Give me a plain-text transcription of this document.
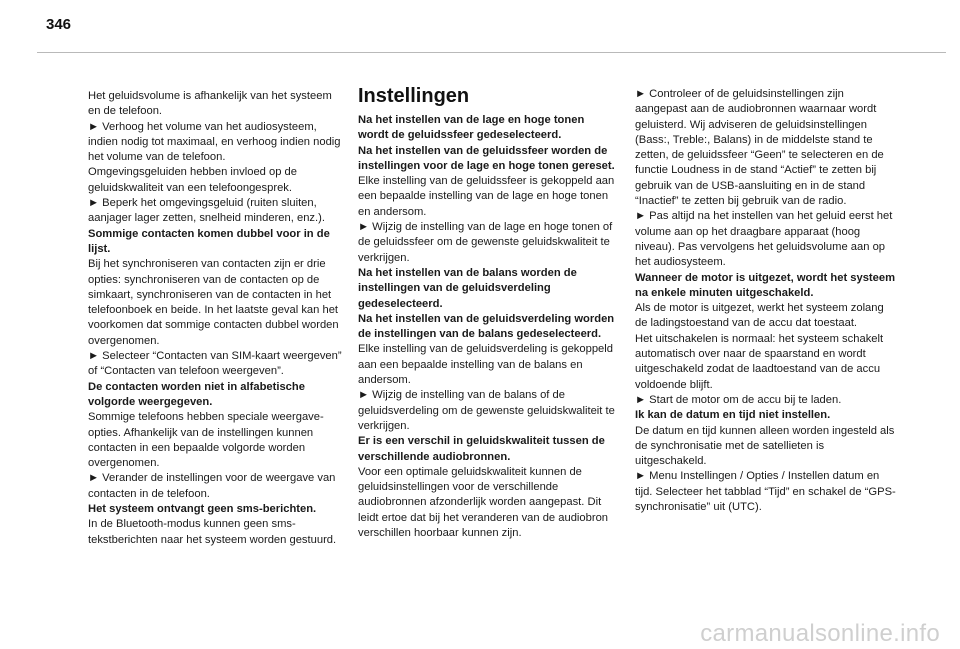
346

Het geluidsvolume is afhankelijk van het systeem en de telefoon.

► Verhoog het volume van het audiosysteem, indien nodig tot maximaal, en verhoog indien nodig het volume van de telefoon.

Omgevingsgeluiden hebben invloed op de geluidskwaliteit van een telefoongesprek.

► Beperk het omgevingsgeluid (ruiten sluiten, aanjager lager zetten, snelheid minderen, enz.).

Sommige contacten komen dubbel voor in de lijst.

Bij het synchroniseren van contacten zijn er drie opties: synchroniseren van de contacten op de simkaart, synchroniseren van de contacten in het telefoonboek en beide. In het laatste geval kan het voorkomen dat sommige contacten dubbel worden overgenomen.

► Selecteer “Contacten van SIM-kaart weergeven” of “Contacten van telefoon weergeven”.

De contacten worden niet in alfabetische volgorde weergegeven.

Sommige telefoons hebben speciale weergave-opties. Afhankelijk van de instellingen kunnen contacten in een bepaalde volgorde worden overgenomen.

► Verander de instellingen voor de weergave van contacten in de telefoon.

Het systeem ontvangt geen sms-berichten.

In de Bluetooth-modus kunnen geen sms-tekstberichten naar het systeem worden gestuurd.

Instellingen

Na het instellen van de lage en hoge tonen wordt de geluidssfeer gedeselecteerd.

Na het instellen van de geluidssfeer worden de instellingen voor de lage en hoge tonen gereset.

Elke instelling van de geluidssfeer is gekoppeld aan een bepaalde instelling van de lage en hoge tonen en andersom.

► Wijzig de instelling van de lage en hoge tonen of de geluidssfeer om de gewenste geluidskwaliteit te verkrijgen.

Na het instellen van de balans worden de instellingen van de geluidsverdeling gedeselecteerd.

Na het instellen van de geluidsverdeling worden de instellingen van de balans gedeselecteerd.

Elke instelling van de geluidsverdeling is gekoppeld aan een bepaalde instelling van de balans en andersom.

► Wijzig de instelling van de balans of de geluidsverdeling om de gewenste geluidskwaliteit te verkrijgen.

Er is een verschil in geluidskwaliteit tussen de verschillende audiobronnen.

Voor een optimale geluidskwaliteit kunnen de geluidsinstellingen voor de verschillende audiobronnen afzonderlijk worden aangepast. Dit leidt ertoe dat bij het veranderen van de audiobron verschillen hoorbaar kunnen zijn.

► Controleer of de geluidsinstellingen zijn aangepast aan de audiobronnen waarnaar wordt geluisterd. Wij adviseren de geluidsinstellingen (Bass:, Treble:, Balans) in de middelste stand te zetten, de geluidssfeer “Geen” te selecteren en de functie Loudness in de stand “Actief” te zetten bij gebruik van de USB-aansluiting en in de stand “Inactief” te zetten bij gebruik van de radio.

► Pas altijd na het instellen van het geluid eerst het volume aan op het draagbare apparaat (hoog niveau). Pas vervolgens het geluidsvolume aan op het audiosysteem.

Wanneer de motor is uitgezet, wordt het systeem na enkele minuten uitgeschakeld.

Als de motor is uitgezet, werkt het systeem zolang de ladingstoestand van de accu dat toestaat.

Het uitschakelen is normaal: het systeem schakelt automatisch over naar de spaarstand en wordt uitgeschakeld zodat de laadtoestand van de accu voldoende blijft.

► Start de motor om de accu bij te laden.

Ik kan de datum en tijd niet instellen.

De datum en tijd kunnen alleen worden ingesteld als de synchronisatie met de satellieten is uitgeschakeld.

► Menu Instellingen / Opties / Instellen datum en tijd. Selecteer het tabblad “Tijd” en schakel de “GPS-synchronisatie” uit (UTC).

carmanualsonline.info
